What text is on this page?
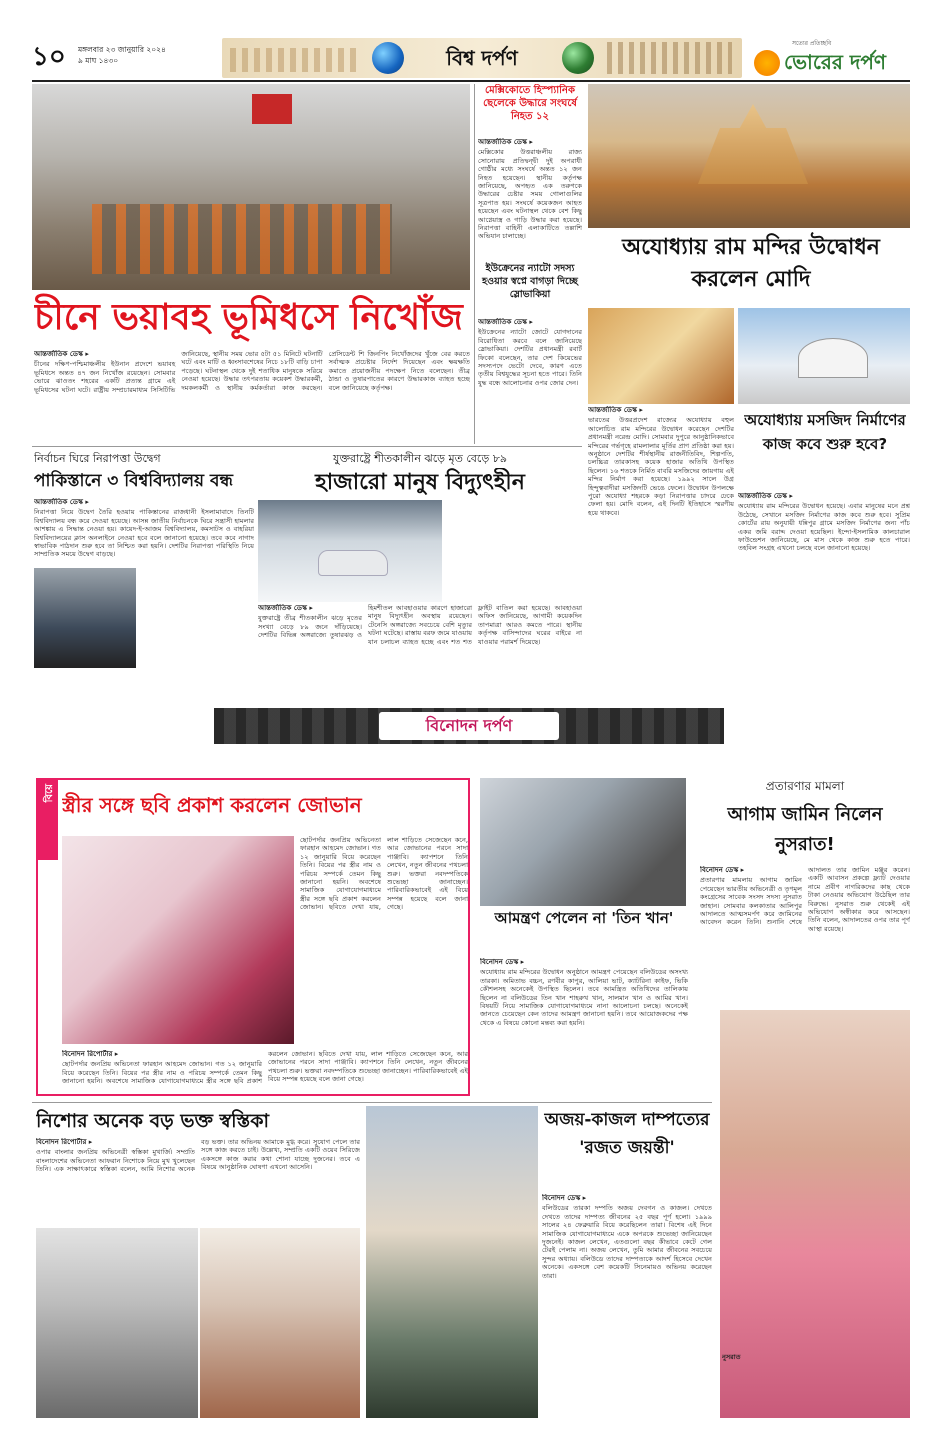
১০	মঙ্গলবার ২৩ জানুয়ারি ২০২৪
৯ মাঘ ১৪৩০	বিশ্ব দর্পণ
সত্যের প্রতিচ্ছবি
ভোরের দর্পণ
চীনে ভয়াবহ ভূমিধসে নিখোঁজ
আন্তর্জাতিক ডেস্ক ▸
চীনের দক্ষিণ-পশ্চিমাঞ্চলীয় ইউনান প্রদেশে ভয়াবহ ভূমিধসে অন্তত ৪৭ জন নিখোঁজ রয়েছেন। সোমবার ভোরে ঝাওতং শহরের একটি প্রত্যন্ত গ্রামে এই ভূমিধসের ঘটনা ঘটে। রাষ্ট্রীয় সম্প্রচারমাধ্যম সিসিটিভি জানিয়েছে, স্থানীয় সময় ভোর ৫টা ৫১ মিনিটে ঘটনাটি ঘটে এবং মাটি ও ধ্বংসাবশেষের নিচে ১৮টি বাড়ি চাপা পড়েছে। ঘটনাস্থল থেকে দুই শতাধিক মানুষকে সরিয়ে নেওয়া হয়েছে। উদ্ধার তৎপরতায় কয়েকশ উদ্ধারকর্মী, দমকলকর্মী ও স্থানীয় কর্মকর্তারা কাজ করছেন। প্রেসিডেন্ট শি জিনপিং নিখোঁজদের খুঁজে বের করতে সর্বাত্মক প্রচেষ্টার নির্দেশ দিয়েছেন এবং ক্ষয়ক্ষতি কমাতে প্রয়োজনীয় পদক্ষেপ নিতে বলেছেন। তীব্র ঠান্ডা ও তুষারপাতের কারণে উদ্ধারকাজ ব্যাহত হচ্ছে বলে জানিয়েছে কর্তৃপক্ষ।
মেক্সিকোতে হিস্প্যানিক ছেলেকে উদ্ধারে সংঘর্ষে নিহত ১২
আন্তর্জাতিক ডেস্ক ▸
মেক্সিকোর উত্তরাঞ্চলীয় রাজ্য সোনোরায় প্রতিদ্বন্দ্বী দুই অপরাধী গোষ্ঠীর মধ্যে সংঘর্ষে অন্তত ১২ জন নিহত হয়েছেন। স্থানীয় কর্তৃপক্ষ জানিয়েছে, অপহৃত এক তরুণকে উদ্ধারের চেষ্টার সময় গোলাগুলির সূত্রপাত হয়। সংঘর্ষে কয়েকজন আহত হয়েছেন এবং ঘটনাস্থল থেকে বেশ কিছু আগ্নেয়াস্ত্র ও গাড়ি উদ্ধার করা হয়েছে। নিরাপত্তা বাহিনী এলাকাটিতে তল্লাশি অভিযান চালাচ্ছে।
ইউক্রেনের ন্যাটো সদস্য হওয়ার স্বপ্নে বাগড়া দিচ্ছে স্লোভাকিয়া
আন্তর্জাতিক ডেস্ক ▸
ইউক্রেনের ন্যাটো জোটে যোগদানের বিরোধিতা করবে বলে জানিয়েছে স্লোভাকিয়া। দেশটির প্রধানমন্ত্রী রবার্ট ফিকো বলেছেন, তার দেশ কিয়েভের সদস্যপদে ভেটো দেবে, কারণ এতে তৃতীয় বিশ্বযুদ্ধের সূচনা হতে পারে। তিনি যুদ্ধ বন্ধে আলোচনার ওপর জোর দেন।
অযোধ্যায় রাম মন্দির উদ্বোধন করলেন মোদি
আন্তর্জাতিক ডেস্ক ▸
ভারতের উত্তরপ্রদেশ রাজ্যের অযোধ্যায় বহুল আলোচিত রাম মন্দিরের উদ্বোধন করেছেন দেশটির প্রধানমন্ত্রী নরেন্দ্র মোদি। সোমবার দুপুরে আনুষ্ঠানিকভাবে মন্দিরের গর্ভগৃহে রামলালার মূর্তির প্রাণ প্রতিষ্ঠা করা হয়। অনুষ্ঠানে দেশটির শীর্ষস্থানীয় রাজনীতিবিদ, শিল্পপতি, চলচ্চিত্র তারকাসহ কয়েক হাজার অতিথি উপস্থিত ছিলেন। ১৬ শতকে নির্মিত বাবরি মসজিদের জায়গায় এই মন্দির নির্মাণ করা হয়েছে। ১৯৯২ সালে উগ্র হিন্দুত্ববাদীরা মসজিদটি ভেঙে ফেলে। উদ্বোধন উপলক্ষে পুরো অযোধ্যা শহরকে কড়া নিরাপত্তার চাদরে ঢেকে ফেলা হয়। মোদি বলেন, এই দিনটি ইতিহাসে স্মরণীয় হয়ে থাকবে।
অযোধ্যায় মসজিদ নির্মাণের কাজ কবে শুরু হবে?
আন্তর্জাতিক ডেস্ক ▸
অযোধ্যায় রাম মন্দিরের উদ্বোধন হয়েছে। এবার মানুষের মনে প্রশ্ন উঠেছে, সেখানে মসজিদ নির্মাণের কাজ কবে শুরু হবে। সুপ্রিম কোর্টের রায় অনুযায়ী ধন্নিপুর গ্রামে মসজিদ নির্মাণের জন্য পাঁচ একর জমি বরাদ্দ দেওয়া হয়েছিল। ইন্দো-ইসলামিক কালচারাল ফাউন্ডেশন জানিয়েছে, মে মাস থেকে কাজ শুরু হতে পারে। তহবিল সংগ্রহ এখনো চলছে বলে জানানো হয়েছে।
নির্বাচন ঘিরে নিরাপত্তা উদ্বেগ
পাকিস্তানে ৩ বিশ্ববিদ্যালয় বন্ধ
আন্তর্জাতিক ডেস্ক ▸
নিরাপত্তা নিয়ে উদ্বেগ তৈরি হওয়ায় পাকিস্তানের রাজধানী ইসলামাবাদে তিনটি বিশ্ববিদ্যালয় বন্ধ করে দেওয়া হয়েছে। আসন্ন জাতীয় নির্বাচনকে ঘিরে সন্ত্রাসী হামলার আশঙ্কায় এ সিদ্ধান্ত নেওয়া হয়। কায়েদ-ই-আজম বিশ্ববিদ্যালয়, কমসাটস ও বাহরিয়া বিশ্ববিদ্যালয়ের ক্লাস অনলাইনে নেওয়া হবে বলে জানানো হয়েছে। তবে কবে নাগাদ স্বাভাবিক পাঠদান শুরু হবে তা নিশ্চিত করা হয়নি। দেশটির নিরাপত্তা পরিস্থিতি নিয়ে সাম্প্রতিক সময়ে উদ্বেগ বাড়ছে।
যুক্তরাষ্ট্রে শীতকালীন ঝড়ে মৃত বেড়ে ৮৯
হাজারো মানুষ বিদ্যুৎহীন
আন্তর্জাতিক ডেস্ক ▸
যুক্তরাষ্ট্রে তীব্র শীতকালীন ঝড়ে মৃতের সংখ্যা বেড়ে ৮৯ জনে দাঁড়িয়েছে। দেশটির বিভিন্ন অঙ্গরাজ্যে তুষারঝড় ও হিমশীতল আবহাওয়ার কারণে হাজারো মানুষ বিদ্যুৎহীন অবস্থায় রয়েছেন। টেনেসি অঙ্গরাজ্যে সবচেয়ে বেশি মৃত্যুর ঘটনা ঘটেছে। রাস্তায় বরফ জমে যাওয়ায় যান চলাচল ব্যাহত হচ্ছে এবং শত শত ফ্লাইট বাতিল করা হয়েছে। আবহাওয়া অফিস জানিয়েছে, আগামী কয়েকদিন তাপমাত্রা আরও কমতে পারে। স্থানীয় কর্তৃপক্ষ বাসিন্দাদের ঘরের বাইরে না যাওয়ার পরামর্শ দিয়েছে।
বিনোদন দর্পণ
বিয়ে স্ত্রীর সঙ্গে ছবি প্রকাশ করলেন জোভান
বিনোদন রিপোর্টার ▸
ছোটপর্দার জনপ্রিয় অভিনেতা ফারহান আহমেদ জোভান। গত ১২ জানুয়ারি বিয়ে করেছেন তিনি। বিয়ের পর স্ত্রীর নাম ও পরিচয় সম্পর্কে তেমন কিছু জানানো হয়নি। অবশেষে সামাজিক যোগাযোগমাধ্যমে স্ত্রীর সঙ্গে ছবি প্রকাশ করলেন জোভান। ছবিতে দেখা যায়, লাল শাড়িতে সেজেছেন কনে, আর জোভানের পরনে সাদা পাঞ্জাবি। ক্যাপশনে তিনি লেখেন, নতুন জীবনের পথচলা শুরু। ভক্তরা নবদম্পতিকে শুভেচ্ছা জানাচ্ছেন। পারিবারিকভাবেই এই বিয়ে সম্পন্ন হয়েছে বলে জানা গেছে।
ছোটপর্দার জনপ্রিয় অভিনেতা ফারহান আহমেদ জোভান। গত ১২ জানুয়ারি বিয়ে করেছেন তিনি। বিয়ের পর স্ত্রীর নাম ও পরিচয় সম্পর্কে তেমন কিছু জানানো হয়নি। অবশেষে সামাজিক যোগাযোগমাধ্যমে স্ত্রীর সঙ্গে ছবি প্রকাশ করলেন জোভান। ছবিতে দেখা যায়, লাল শাড়িতে সেজেছেন কনে, আর জোভানের পরনে সাদা পাঞ্জাবি। ক্যাপশনে তিনি লেখেন, নতুন জীবনের পথচলা শুরু। ভক্তরা নবদম্পতিকে শুভেচ্ছা জানাচ্ছেন। পারিবারিকভাবেই এই বিয়ে সম্পন্ন হয়েছে বলে জানা গেছে।
আমন্ত্রণ পেলেন না 'তিন খান'
বিনোদন ডেস্ক ▸
অযোধ্যায় রাম মন্দিরের উদ্বোধন অনুষ্ঠানে আমন্ত্রণ পেয়েছেন বলিউডের অসংখ্য তারকা। অমিতাভ বচ্চন, রণবীর কাপুর, আলিয়া ভাট, ক্যাটরিনা কাইফ, ভিকি কৌশলসহ অনেকেই উপস্থিত ছিলেন। তবে আমন্ত্রিত অতিথিদের তালিকায় ছিলেন না বলিউডের তিন খান শাহরুখ খান, সালমান খান ও আমির খান। বিষয়টি নিয়ে সামাজিক যোগাযোগমাধ্যমে নানা আলোচনা চলছে। অনেকেই জানতে চেয়েছেন কেন তাদের আমন্ত্রণ জানানো হয়নি। তবে আয়োজকদের পক্ষ থেকে এ বিষয়ে কোনো মন্তব্য করা হয়নি।
প্রতারণার মামলা
আগাম জামিন নিলেন নুসরাত!
বিনোদন ডেস্ক ▸
প্রতারণার মামলায় আগাম জামিন পেয়েছেন ভারতীয় অভিনেত্রী ও তৃণমূল কংগ্রেসের সাবেক সংসদ সদস্য নুসরাত জাহান। সোমবার কলকাতার আলিপুর আদালতে আত্মসমর্পণ করে জামিনের আবেদন করেন তিনি। শুনানি শেষে আদালত তার জামিন মঞ্জুর করেন। একটি আবাসন প্রকল্পে ফ্ল্যাট দেওয়ার নামে প্রবীণ নাগরিকদের কাছ থেকে টাকা নেওয়ার অভিযোগ উঠেছিল তার বিরুদ্ধে। নুসরাত শুরু থেকেই এই অভিযোগ অস্বীকার করে আসছেন। তিনি বলেন, আদালতের ওপর তার পূর্ণ আস্থা রয়েছে।
নুসরাত
নিশোর অনেক বড় ভক্ত স্বস্তিকা
বিনোদন রিপোর্টার ▸
ওপার বাংলার জনপ্রিয় অভিনেত্রী স্বস্তিকা মুখার্জি। সম্প্রতি বাংলাদেশের অভিনেতা আফরান নিশোকে নিয়ে মুখ খুলেছেন তিনি। এক সাক্ষাৎকারে স্বস্তিকা বলেন, আমি নিশোর অনেক বড় ভক্ত। তার অভিনয় আমাকে মুগ্ধ করে। সুযোগ পেলে তার সঙ্গে কাজ করতে চাই। উল্লেখ্য, সম্প্রতি একটি ওয়েব সিরিজে একসঙ্গে কাজ করার কথা শোনা যাচ্ছে দুজনের। তবে এ বিষয়ে আনুষ্ঠানিক ঘোষণা এখনো আসেনি।
অজয়-কাজল দাম্পত্যের 'রজত জয়ন্তী'
বিনোদন ডেস্ক ▸
বলিউডের তারকা দম্পতি অজয় দেবগন ও কাজল। দেখতে দেখতে তাদের দাম্পত্য জীবনের ২৫ বছর পূর্ণ হলো। ১৯৯৯ সালের ২৪ ফেব্রুয়ারি বিয়ে করেছিলেন তারা। বিশেষ এই দিনে সামাজিক যোগাযোগমাধ্যমে একে অপরকে শুভেচ্ছা জানিয়েছেন দুজনেই। কাজল লেখেন, এতগুলো বছর কীভাবে কেটে গেল টেরই পেলাম না। অজয় লেখেন, তুমি আমার জীবনের সবচেয়ে সুন্দর অধ্যায়। বলিউডে তাদের দাম্পত্যকে আদর্শ হিসেবে দেখেন অনেকে। একসঙ্গে বেশ কয়েকটি সিনেমায়ও অভিনয় করেছেন তারা।
